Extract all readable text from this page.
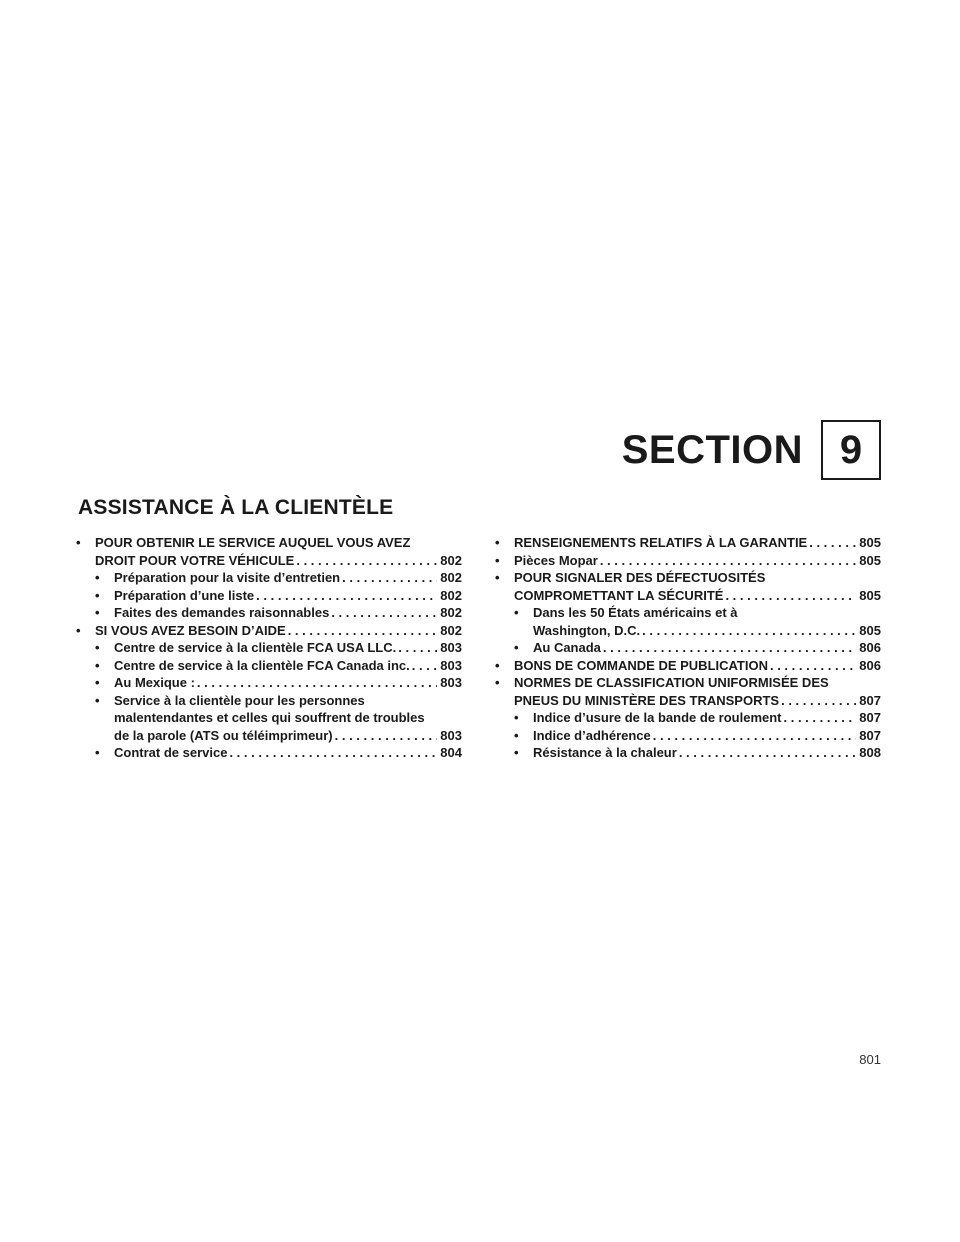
SECTION 9
ASSISTANCE À LA CLIENTÈLE
• POUR OBTENIR LE SERVICE AUQUEL VOUS AVEZ
DROIT POUR VOTRE VÉHICULE . . .	802
• Préparation pour la visite d’entretien . . .	802
• Préparation d’une liste . . .	802
• Faites des demandes raisonnables . . .	802
• SI VOUS AVEZ BESOIN D’AIDE . . .	802
• Centre de service à la clientèle FCA USA LLC. . . .	803
• Centre de service à la clientèle FCA Canada inc. . . . 803
• Au Mexique : . . .	803
• Service à la clientèle pour les personnes
malentendantes et celles qui souffrent de troubles
de la parole (ATS ou téléimprimeur) . . .	803
• Contrat de service . . .	804
• RENSEIGNEMENTS RELATIFS À LA GARANTIE . . .	805
• Pièces Mopar . . .	805
• POUR SIGNALER DES DÉFECTUOSITÉS
COMPROMETTANT LA SÉCURITÉ . . .	805
• Dans les 50 États américains et à
Washington, D.C. . . .	805
• Au Canada . . .	806
• BONS DE COMMANDE DE PUBLICATION . . .	806
• NORMES DE CLASSIFICATION UNIFORMISÉE DES
PNEUS DU MINISTÈRE DES TRANSPORTS . . .	807
• Indice d’usure de la bande de roulement . . .	807
• Indice d’adhérence . . .	807
• Résistance à la chaleur . . .	808
801
